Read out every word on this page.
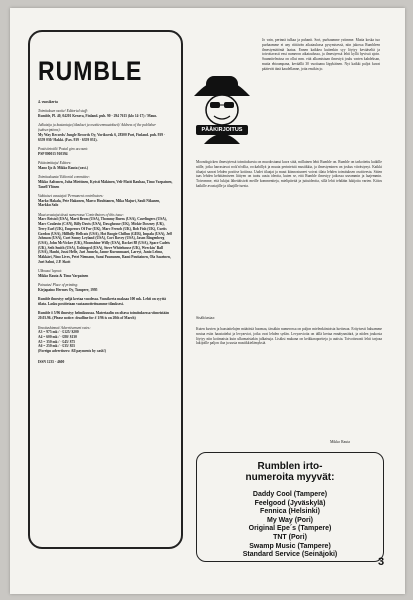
RUMBLE

4. vuosikerta

Toimituksen osoite/ Editorial staff:
Rumble, Pl. 40, 04201 Kerava, Finland. puh. 90 - 294 7615 (klo 14-17) / Mauo.

Julkaisija ja kustantaja (tilaukset ja osoitteenmuutokset)/ Address of the publisher (subscriptions):
My Way Records/ Jungle Records Oy, Vorikwesk 6, 28300 Pori, Finland. puh. 939 - 6359 030/ Hakki. (Fax. 939 - 6359 031).

Postisiirtotili/ Postal giro account:
PSP 800015 910394

Päätoimittaja/ Editors:
Mano Ijo & Mikko Rauta (vast.)

Toimituskunta/ Editorial committee:
Mikko Aaltonen, Juha Miettinen, Kyösti Mäkinen, Veli-Matti Rauhaa, Timo Varpainen, Tanell Ylönen

Vakituiset avustajat/ Permanent contributors:
Marko Hakala, Pete Hakonen, Marco Houhtanen, Mika Majuri, Sauli Nikanen, Markku Salo

Muut avustajat tässä numerossa/ Contributors of this issue:
Marc Bristol (USA), Martí Brom (USA), Thommy Burns (USA), Cavelingers (USA), Marc Coulavin (CAN), Billy Davis (USA), Dawghouse (UK), Mickie Downey (UK), Terry Earl (UK), Emperors Of Fur (UK), Marc French (UK), Bob Fish (UK), Curtis Gordon (USA), Hillbilly Hellcats (USA), Hot Boogie Chillun (GER), Impala (USA), Jeff Johnson (USA), Curt Sonny Leyland (USA), Cort Rovey (USA), Jason Ringenberg (USA), John McVicker (UK), Moonshine Willy (USA), Rocket 88 (USA), Space Cadets (UK), Seth Smith (USA), Unhinged (USA), Steve Whitehouse (UK), Wreckin' Ball (USA), Hanhi, Jussi Helle, Jari Juusela, Janne Kurunmaari, Larryt, Janio Lelmo, Mäkkäri, Nino Lives, Petri Niemann, Sami Paununen, Rami Poutiainen, Ola Saarinen, Juri Salmi, J.P. Skott

Ulkoasu/ layout:
Mikko Rauta & Timo Varpainen

Painatus/ Place of printing:
Kirjapaino Hermes Oy, Tampere, 1995

Rumble ilmestyy neljä kertaa vuodessa. Vuosikerta maksaa 100 mk. Lehti on syyttä tilata. Lasku postitetaan vastaanottettuamme tilauksesi.

Rumble # 5/96 ilmestyy helmikuussa. Materiaalin on oltava toimituksessa viimeistään 20.03.96. (Please notice: deadline for # 1/96 is on 20th of March)

Ilmoitushinnat/ Advertisement rates:
A3 = 975 mk / - £125/ $200
A4 = 600 mk / - £80/ $130
A5 = 350 mk / - £45/ $75
A6 = 250 mk / - £35/ $55
(Foreign advertisers: All payments by cash!)

ISSN 1235 - 4600

Jo vain, perinnä tulkaa ja puhanit. Sori, purhaamme ystimme. Mutta koska tuo purhaamme ei any riittävän aikataulussa pysymisessä, niin jakossa Rumbleen ilmestymätöntä laatua. Ennen kaikkea kuitenkin syy löytyy kevääseltä ja toivottavasti ensi numeron aikataulussa, ja ilmestyessä lehti kyllä hyvissä ajoin. Suunnitelmissa on ollut mm. että alkamistaan ilmestyä joulu varten kahdeksan, mutta ehtoampana, keväällä 30 vuotiaana läpykäinen. Nyt kaikki paljot kuvat päätevät tänä kaudellanne, jotta ensikin jo.
PÄÄKIRJOITUS

Moondogicken ilmestyiessä toimituksesta on muodostunut kuva siitä, millainen lehti Rumble on. Rumble on tarkoitettu kaikille niille, jotka harrastavat rock'n'rollia, rockabillyä ja muuta perinteistä musiikkia, ja ilmestyminen on joskus viivästynyt. Kaikki tilaajat saavat lehden postitse kotiinsa. Uudet tilaajat ja muut kiinnostuneet voivat tilata lehden toimituksen osoitteesta. Sitten taas lehden kehittämiseen liittyen on tuotu uusia ideoita, kuten se, että Rumble ilmestyy jatkossa useammin ja laajemmin. Toivomme, että lukijat lähettäisivät meille kommentteja, mielipiteitä ja juttuideoita, sillä lehti tehdään lukijoita varten. Kiitos kaikille avustajille ja tilaajille tuesta.

Sisältöasiaa:
Kuten kuvien ja haastattelujen määrästä huomaa, tässäkin numerossa on paljon mielenkiintoista luettavaa. Erityisesti haluamme nostaa esiin haastattelut ja levyarviot, jotka ovat lehden sydän. Levyarvioita on tällä kertaa ennätysmäärä, ja niiden joukosta löytyy niin kotimaisia kuin ulkomaisiakin julkaisuja. Lisäksi mukana on keikkaraportteja ja uutisia. Toivottavasti lehti tarjoaa lukijoille paljon iloa ja uusia musiikkielämyksiä.
Mikko Rauta
Rumblen irto-
numeroita myyvät:
Daddy Cool (Tampere)
Feelgood (Jyväskylä)
Fennica (Helsinki)
My Way (Pori)
Original Epe´s (Tampere)
TNT (Pori)
Swamp Music (Tampere)
Standard Service (Seinäjoki)
3
